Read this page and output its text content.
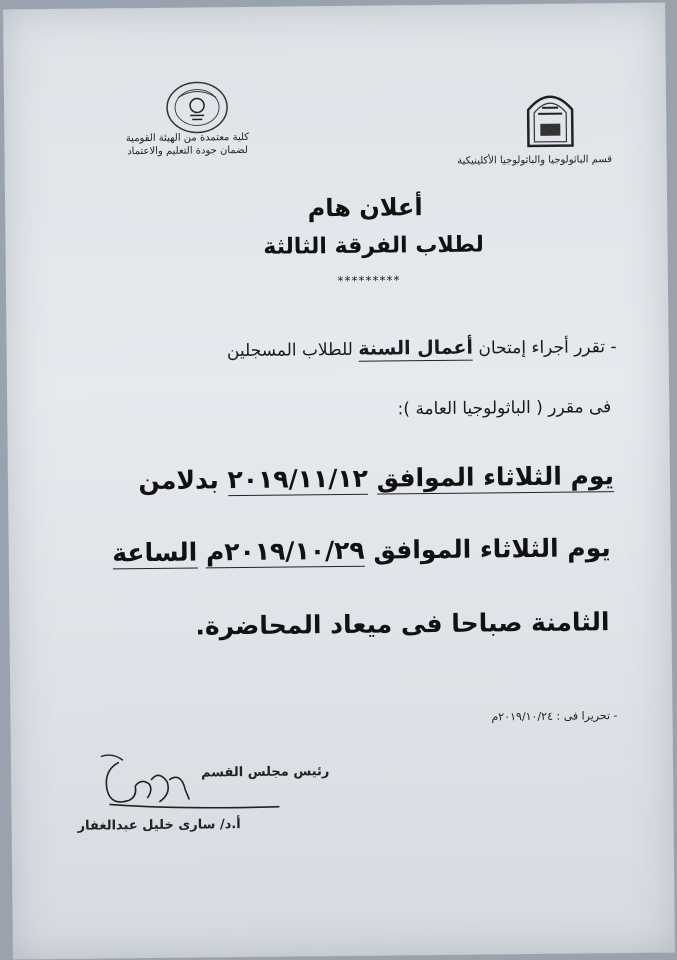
كلية معتمدة من الهيئة القومية
لضمان جودة التعليم والاعتماد
قسم الباثولوجيا والباثولوجيا الأكلينيكية
أعلان هام
لطلاب الفرقة الثالثة
*********
- تقرر أجراء إمتحان أعمال السنة للطلاب المسجلين
فى مقرر ( الباثولوجيا العامة ):
يوم الثلاثاء الموافق ٢٠١٩/١١/١٢ بدلامن
يوم الثلاثاء الموافق ٢٠١٩/١٠/٢٩م الساعة
الثامنة صباحا فى ميعاد المحاضرة.
- تحريرا فى : ٢٠١٩/١٠/٢٤م
رئيس مجلس القسم
أ.د/ سارى خليل عبدالغفار
